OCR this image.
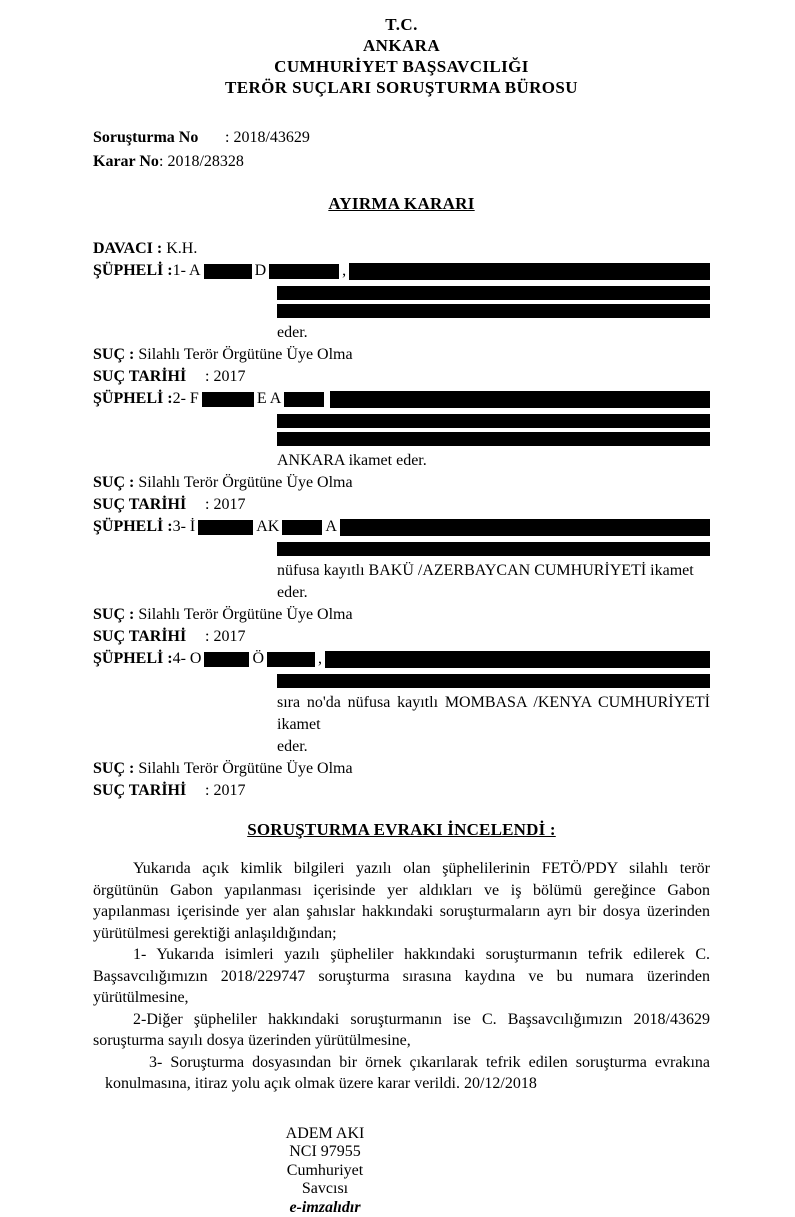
T.C.
ANKARA
CUMHURİYET BAŞSAVCILIĞI
TERÖR SUÇLARI SORUŞTURMA BÜROSU
Soruşturma No : 2018/43629
Karar No: 2018/28328
AYIRMA KARARI
DAVACI : K.H.
ŞÜPHELİ : 1- A	D	,
eder.
SUÇ : Silahlı Terör Örgütüne Üye Olma
SUÇ TARİHİ : 2017
ŞÜPHELİ : 2- F	E A
ANKARA ikamet eder.
SUÇ : Silahlı Terör Örgütüne Üye Olma
SUÇ TARİHİ : 2017
ŞÜPHELİ : 3- İ	AK	A
nüfusa kayıtlı BAKÜ /AZERBAYCAN CUMHURİYETİ ikamet eder.
SUÇ : Silahlı Terör Örgütüne Üye Olma
SUÇ TARİHİ : 2017
ŞÜPHELİ : 4- O	Ö	,
sıra no'da nüfusa kayıtlı MOMBASA /KENYA CUMHURİYETİ ikamet
eder.
SUÇ : Silahlı Terör Örgütüne Üye Olma
SUÇ TARİHİ : 2017
SORUŞTURMA EVRAKI İNCELENDİ :

Yukarıda açık kimlik bilgileri yazılı olan şüphelilerinin FETÖ/PDY silahlı terör örgütünün Gabon yapılanması içerisinde yer aldıkları ve iş bölümü gereğince Gabon yapılanması içerisinde yer alan şahıslar hakkındaki soruşturmaların ayrı bir dosya üzerinden yürütülmesi gerektiği anlaşıldığından;

1- Yukarıda isimleri yazılı şüpheliler hakkındaki soruşturmanın tefrik edilerek C. Başsavcılığımızın 2018/229747 soruşturma sırasına kaydına ve bu numara üzerinden yürütülmesine,

2-Diğer şüpheliler hakkındaki soruşturmanın ise C. Başsavcılığımızın 2018/43629 soruşturma sayılı dosya üzerinden yürütülmesine,

3- Soruşturma dosyasından bir örnek çıkarılarak tefrik edilen soruşturma evrakına konulmasına, itiraz yolu açık olmak üzere karar verildi. 20/12/2018

ADEM AKI
NCI 97955
Cumhuriyet
Savcısı
e-imzalıdır
